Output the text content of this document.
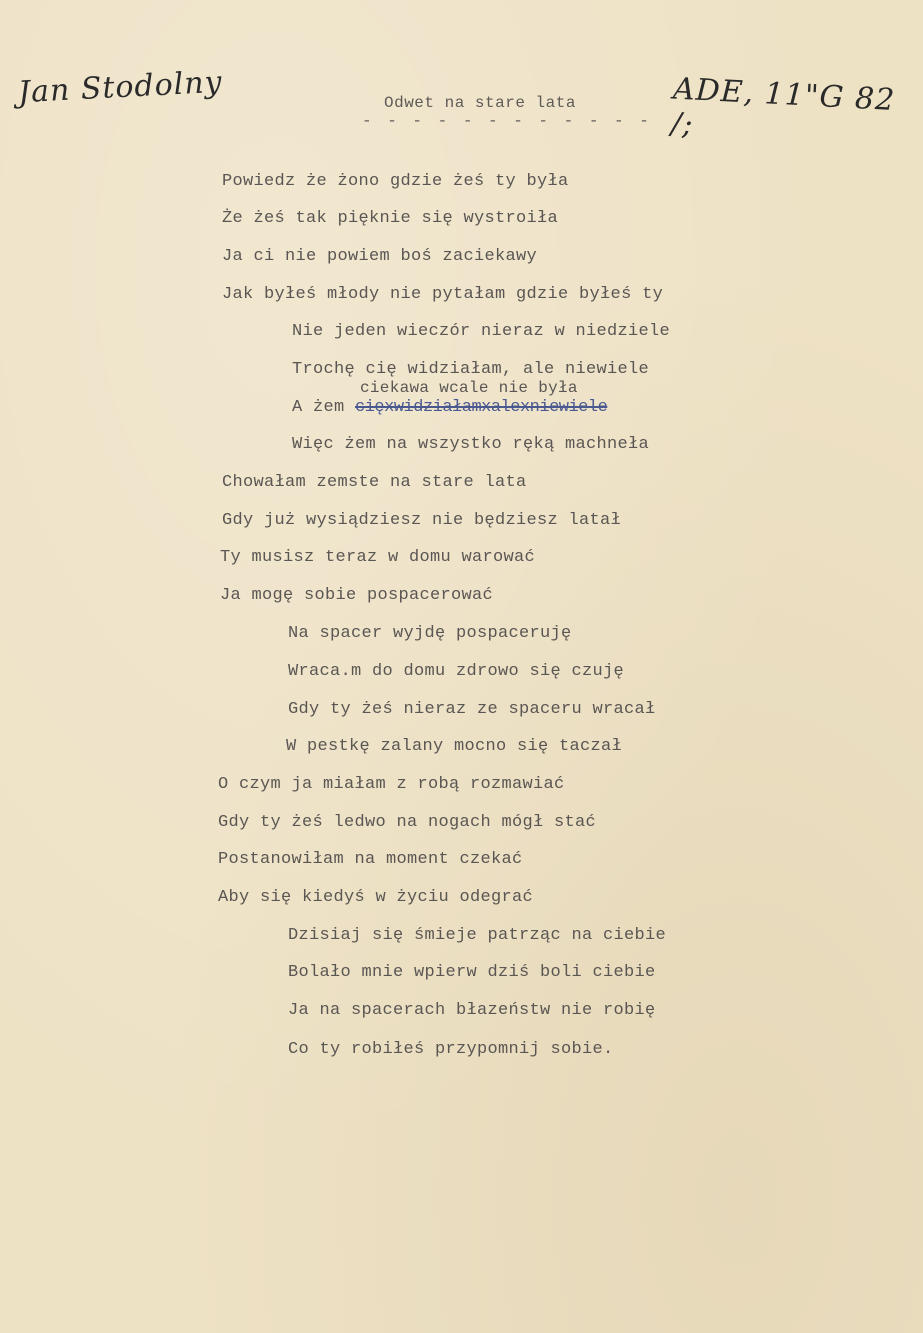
Jan Stodolny	ADE, 11"G 82 /;
Odwet na stare lata
- - - - - - - - - - - -
Powiedz że żono gdzie żeś ty była
Że żeś tak pięknie się wystroiła
Ja ci nie powiem boś zaciekawy
Jak byłeś młody nie pytałam gdzie byłeś ty
Nie jeden wieczór nieraz w niedziele
Trochę cię widziałam, ale niewiele
ciekawa wcale nie była
A żem cięxwidziałamxalexniewiele
Więc żem na wszystko ręką machneła
Chowałam zemste na stare lata
Gdy już wysiądziesz nie będziesz latał
Ty musisz teraz w domu warować
Ja mogę sobie pospacerować
Na spacer wyjdę pospaceruję
Wraca.m do domu zdrowo się czuję
Gdy ty żeś nieraz ze spaceru wracał
W pestkę zalany mocno się taczał
O czym ja miałam z robą rozmawiać
Gdy ty żeś ledwo na nogach mógł stać
Postanowiłam na moment czekać
Aby się kiedyś w życiu odegrać
Dzisiaj się śmieje patrząc na ciebie
Bolało mnie wpierw dziś boli ciebie
Ja na spacerach błazeństw nie robię
Co ty robiłeś przypomnij sobie.
